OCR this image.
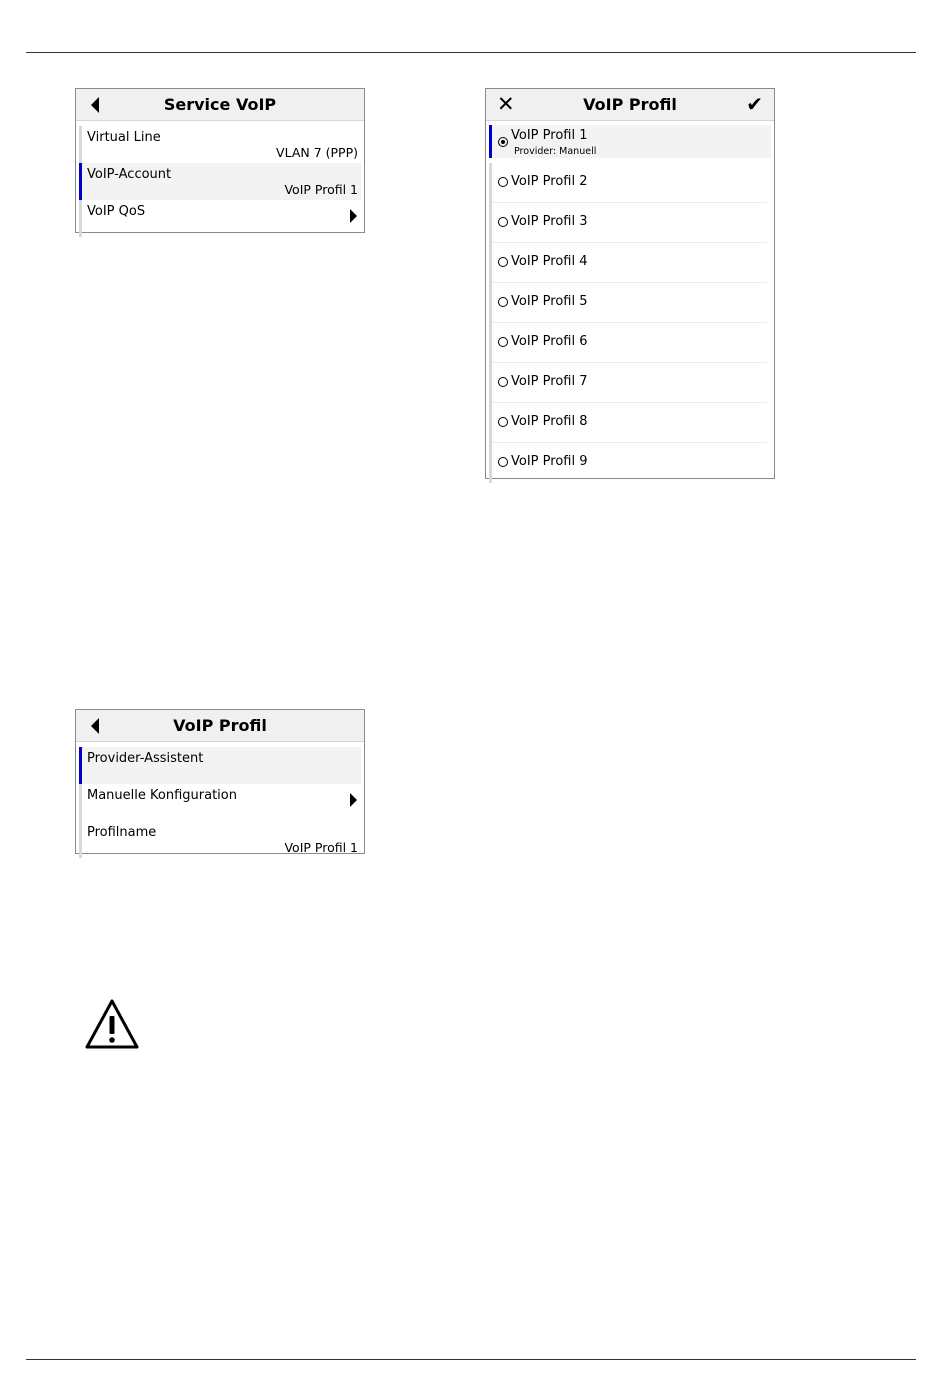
Service VoIP
Virtual Line
VLAN 7 (PPP)
VoIP-Account
VoIP Profil 1
VoIP QoS
✕	VoIP Profil	✔
VoIP Profil 1
Provider: Manuell
VoIP Profil 2
VoIP Profil 3
VoIP Profil 4
VoIP Profil 5
VoIP Profil 6
VoIP Profil 7
VoIP Profil 8
VoIP Profil 9
VoIP Profil
Provider-Assistent
Manuelle Konfiguration
Profilname
VoIP Profil 1
